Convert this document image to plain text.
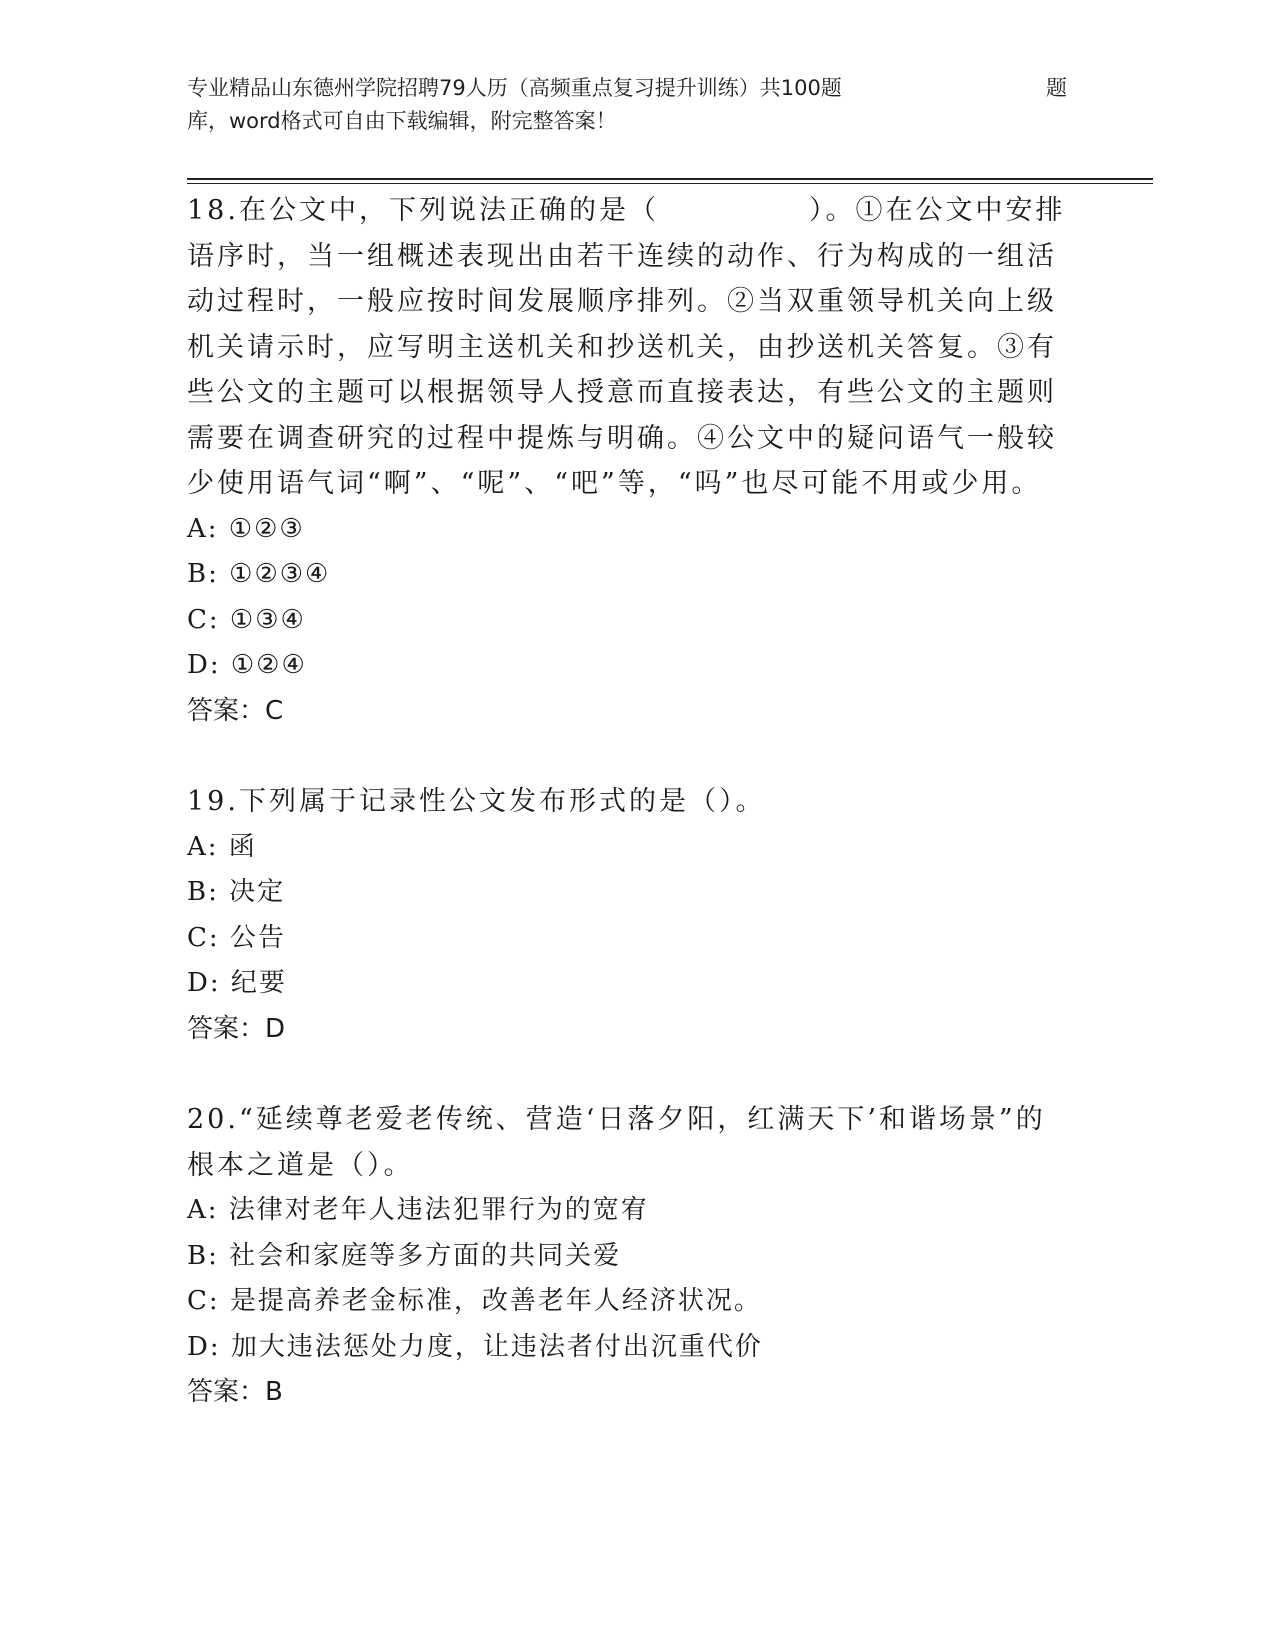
专业精品山东德州学院招聘79人历（高频重点复习提升训练）共100题	题
库，word格式可自由下载编辑，附完整答案！

18.在公文中，下列说法正确的是（　　　　　）。①在公文中安排语序时，当一组概述表现出由若干连续的动作、行为构成的一组活动过程时，一般应按时间发展顺序排列。②当双重领导机关向上级机关请示时，应写明主送机关和抄送机关，由抄送机关答复。③有些公文的主题可以根据领导人授意而直接表达，有些公文的主题则需要在调查研究的过程中提炼与明确。④公文中的疑问语气一般较少使用语气词“啊”、“呢”、“吧”等，“吗”也尽可能不用或少用。

A: ①②③

B: ①②③④

C: ①③④

D: ①②④

答案：C

19.下列属于记录性公文发布形式的是（）。

A: 函

B: 决定

C: 公告

D: 纪要

答案：D

20.“延续尊老爱老传统、营造‘日落夕阳，红满天下’和谐场景”的根本之道是（）。

A: 法律对老年人违法犯罪行为的宽宥

B: 社会和家庭等多方面的共同关爱

C: 是提高养老金标准，改善老年人经济状况。

D: 加大违法惩处力度，让违法者付出沉重代价

答案：B
